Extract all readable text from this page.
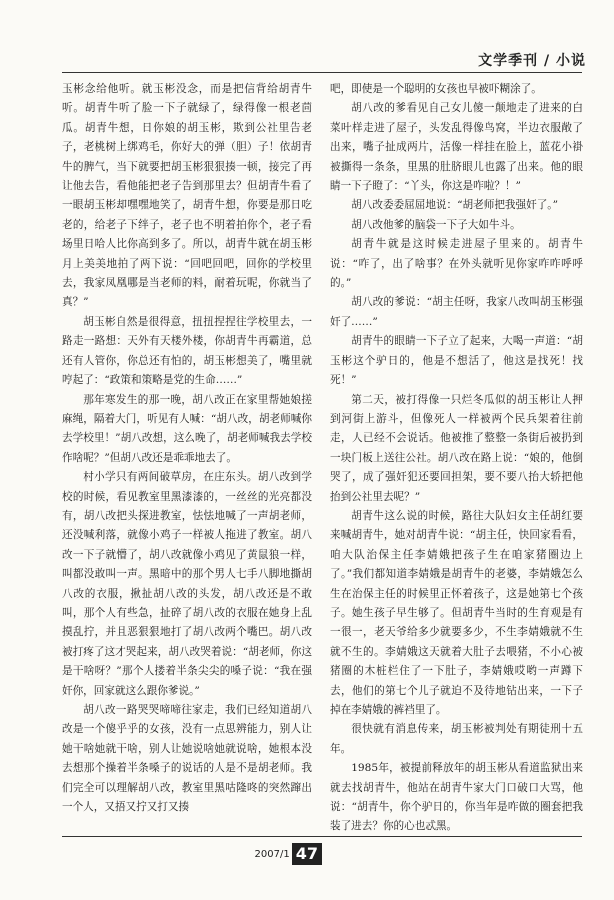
文学季刊 / 小说

玉彬念给他听。就玉彬没念，而是把信背给胡青牛听。胡青牛听了脸一下子就绿了，绿得像一根老茴瓜。胡青牛想，日你娘的胡玉彬，欺到公社里告老子，老桃树上绑鸡毛，你好大的弹（胆）子！依胡青牛的脾气，当下就要把胡玉彬狠狠揍一顿，接完了再让他去告，看他能把老子告到那里去？但胡青牛看了一眼胡玉彬却嘿嘿地笑了，胡青牛想，你要是那日吃老的，给老子下绊子，老子也不明着拍你个，老子看场里日哈人比你高到多了。所以，胡青牛就在胡玉彬月上美美地拍了两下说：“回吧回吧，回你的学校里去，我家凤凰哪是当老师的料，耐着玩呢，你就当了真？”

胡玉彬自然是很得意，扭扭捏捏往学校里去，一路走一路想：天外有天楼外楼，你胡青牛再霸道，总还有人管你，你总还有怕的，胡玉彬想美了，嘴里就哼起了：“政策和策略是党的生命……”

那年寒发生的那一晚，胡八改正在家里帮她娘搓麻绳，隔着大门，听见有人喊：“胡八改，胡老师喊你去学校里！”胡八改想，这么晚了，胡老师喊我去学校作啥呢？”但胡八改还是乖乖地去了。

村小学只有两间破草房，在庄东头。胡八改到学校的时候，看见教室里黑漆漆的，一丝丝的光亮都没有，胡八改把头探进教室，怯怯地喊了一声胡老师，还没喊利落，就像小鸡子一样被人拖进了教室。胡八改一下子就懵了，胡八改就像小鸡见了黄鼠狼一样，叫都没敢叫一声。黑暗中的那个男人七手八脚地撕胡八改的衣服，揪扯胡八改的头发，胡八改还是不敢叫，那个人有些急，扯碎了胡八改的衣服在她身上乱摸乱拧，并且恶狠狠地打了胡八改两个嘴巴。胡八改被打疼了这才哭起来，胡八改哭着说：“胡老师，你这是干啥呀？”那个人搂着半条尖尖的嗓子说：“我在强奸你，回家就这么跟你爹说。”

胡八改一路哭哭啼啼往家走，我们已经知道胡八改是一个傻乎乎的女孩，没有一点思辨能力，别人让她干啥她就干啥，别人让她说啥她就说啥，她根本没去想那个操着半条嗓子的说话的人是不是胡老师。我们完全可以理解胡八改，教室里黑咕隆咚的突然蹿出一个人，又捂又拧又打又揍

吧，即使是一个聪明的女孩也早被吓糊涂了。

胡八改的爹看见自己女儿傻一颠地走了进来的白菜叶样走进了屋子，头发乱得像鸟窝，半边衣服敞了出来，嘴子扯成两片，活像一样挂在脸上，蓝花小褂被撕得一条条，里黑的肚脐眼儿也露了出来。他的眼睛一下子瞪了：“丫头，你这是咋啦？！”

胡八改委委屈屈地说：“胡老师把我强奸了。”

胡八改他爹的脑袋一下子大如牛斗。

胡青牛就是这时候走进屋子里来的。胡青牛说：“咋了，出了啥事？在外头就听见你家咋咋呼呼的。”

胡八改的爹说：“胡主任呀，我家八改叫胡玉彬强奸了……”

胡青牛的眼睛一下子立了起来，大喝一声道：“胡玉彬这个驴日的，他是不想活了，他这是找死！找死！”

第二天，被打得像一只烂冬瓜似的胡玉彬让人押到河街上游斗，但像死人一样被两个民兵架着往前走，人已经不会说话。他被推了整整一条街后被扔到一块门板上送往公社。胡八改在路上说：“娘的，他倒哭了，成了强奸犯还要回担架，要不要八抬大轿把他抬到公社里去呢？”

胡青牛这么说的时候，路往大队妇女主任胡红要来喊胡青牛，她对胡青牛说：“胡主任，快回家看看，咱大队治保主任李婧娥把孩子生在咱家猪圈边上了。”我们都知道李婧娥是胡青牛的老婆，李婧娥怎么生在治保主任的时候里正怀着孩子，这是她第七个孩子。她生孩子早生够了。但胡青牛当时的生育观是有一很一，老天爷给多少就要多少，不生李婧娥就不生就不生的。李婧娥这天就着大肚子去喂猪，不小心被猪圈的木桩栏住了一下肚子，李婧娥哎哟一声蹲下去，他们的第七个儿子就迫不及待地钻出来，一下子掉在李婧娥的裤裆里了。

很快就有消息传来，胡玉彬被判处有期徒刑十五年。

1985年，被提前释放年的胡玉彬从看道监狱出来就去找胡青牛，他站在胡青牛家大门口破口大骂，他说：“胡青牛，你个驴日的，你当年是咋做的圈套把我装了进去？你的心也忒黑。

2007/1 47
